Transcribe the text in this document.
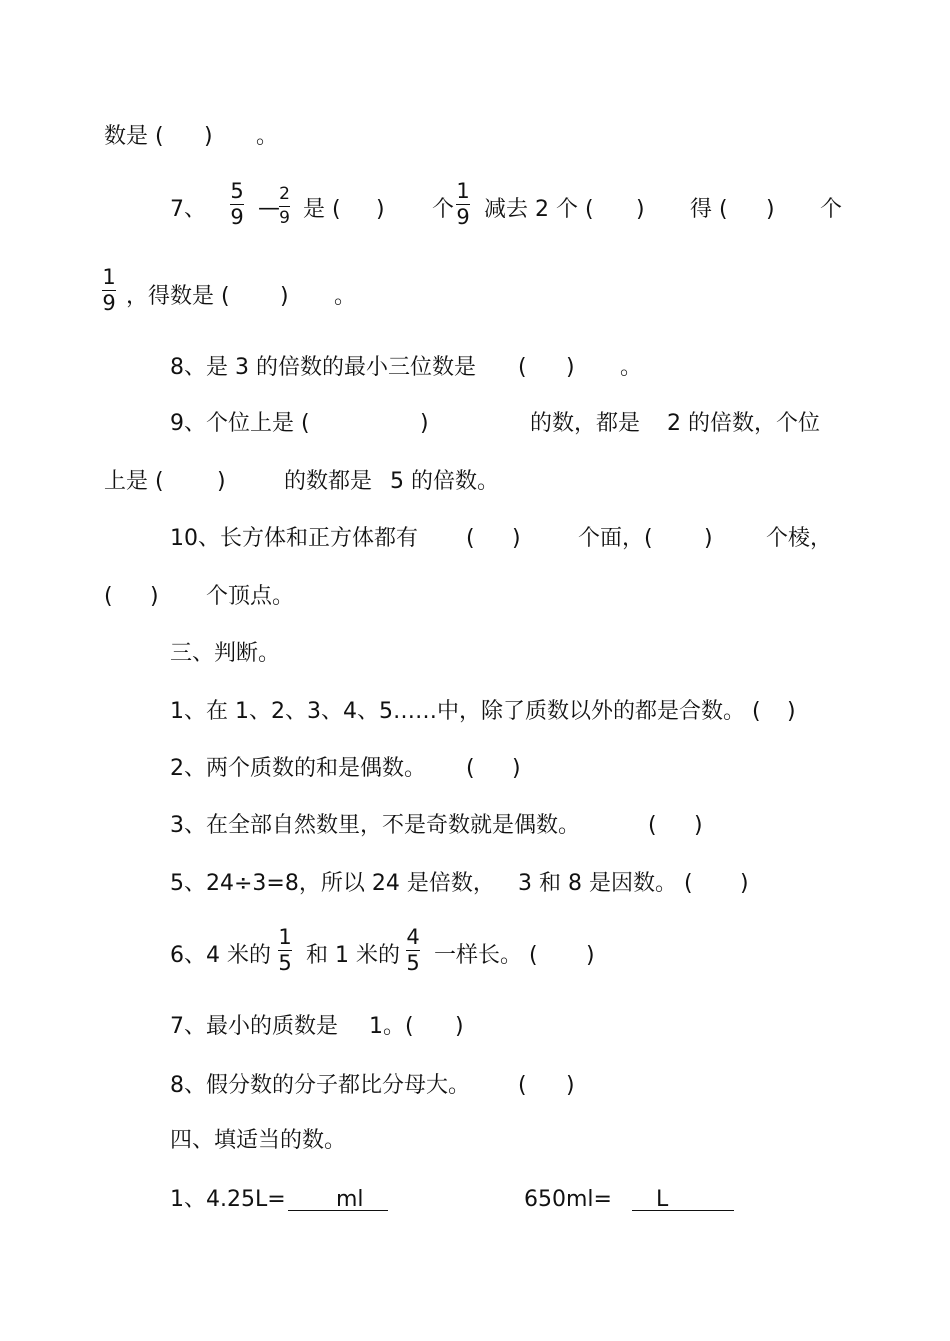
数是 ( ) 。
7、
5
9 —
2
9 是 ( ) 个
1
9 减去 2 个 ( ) 得 ( ) 个
1
9 ，得数是 ( ) 。
8、是 3 的倍数的最小三位数是 ( ) 。
9、个位上是 (	)	的数，都是 2 的倍数，个位
上是 ( )	的数都是 5 的倍数。
10、长方体和正方体都有 ( )	个面，( ) 个棱，
( ) 个顶点。
三、判断。
1、在 1、2、3、4、5……中，除了质数以外的都是合数。 ( )
2、两个质数的和是偶数。 ( )
3、在全部自然数里，不是奇数就是偶数。	( )
5、24÷3=8，所以 24 是倍数， 3 和 8 是因数。 ( )
6、4 米的
1
5 和 1 米的
4
5 一样长。 ( )
7、最小的质数是 1。( )
8、假分数的分子都比分母大。 ( )
四、填适当的数。
1、4.25L= ml	650ml= L
